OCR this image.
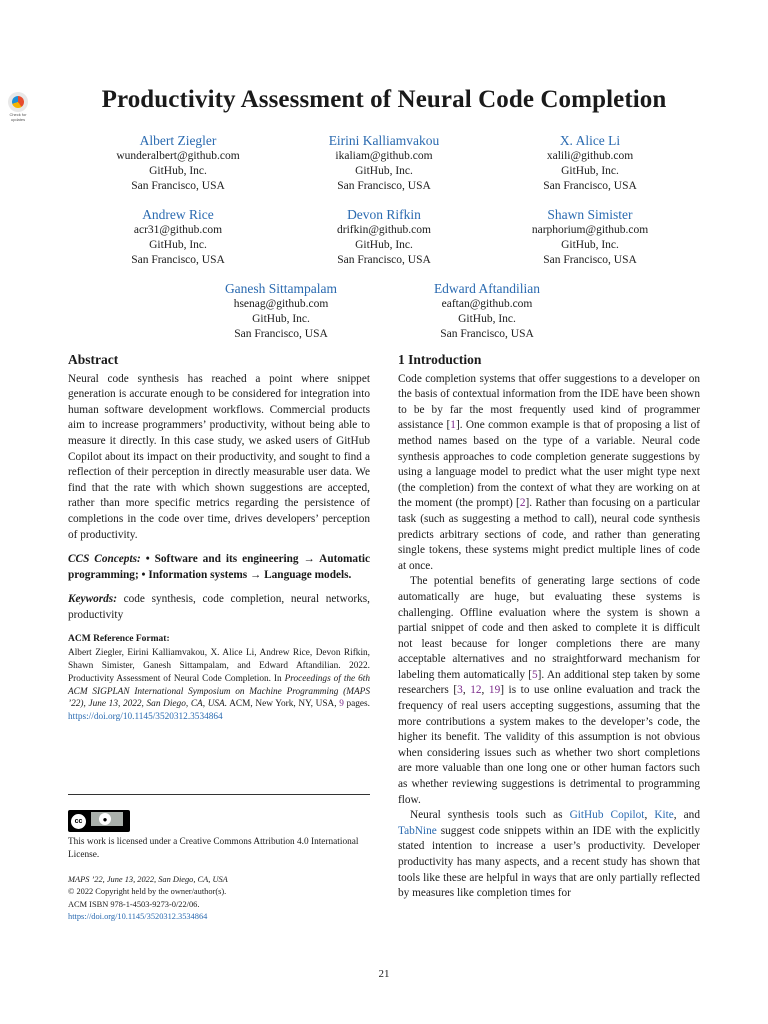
Check for updates
Productivity Assessment of Neural Code Completion
Albert Ziegler
wunderalbert@github.com
GitHub, Inc.
San Francisco, USA
Eirini Kalliamvakou
ikaliam@github.com
GitHub, Inc.
San Francisco, USA
X. Alice Li
xalili@github.com
GitHub, Inc.
San Francisco, USA
Andrew Rice
acr31@github.com
GitHub, Inc.
San Francisco, USA
Devon Rifkin
drifkin@github.com
GitHub, Inc.
San Francisco, USA
Shawn Simister
narphorium@github.com
GitHub, Inc.
San Francisco, USA
Ganesh Sittampalam
hsenag@github.com
GitHub, Inc.
San Francisco, USA
Edward Aftandilian
eaftan@github.com
GitHub, Inc.
San Francisco, USA
Abstract

Neural code synthesis has reached a point where snippet generation is accurate enough to be considered for integration into human software development workflows. Commercial products aim to increase programmers’ productivity, without being able to measure it directly. In this case study, we asked users of GitHub Copilot about its impact on their productivity, and sought to find a reflection of their perception in directly measurable user data. We find that the rate with which shown suggestions are accepted, rather than more specific metrics regarding the persistence of completions in the code over time, drives developers’ perception of productivity.

CCS Concepts: • Software and its engineering → Automatic programming; • Information systems → Language models.

Keywords: code synthesis, code completion, neural networks, productivity

ACM Reference Format:
Albert Ziegler, Eirini Kalliamvakou, X. Alice Li, Andrew Rice, Devon Rifkin, Shawn Simister, Ganesh Sittampalam, and Edward Aftandilian. 2022. Productivity Assessment of Neural Code Completion. In Proceedings of the 6th ACM SIGPLAN International Symposium on Machine Programming (MAPS ’22), June 13, 2022, San Diego, CA, USA. ACM, New York, NY, USA, 9 pages. https://doi.org/10.1145/3520312.3534864
cc	●
This work is licensed under a Creative Commons Attribution 4.0 International License.
MAPS ’22, June 13, 2022, San Diego, CA, USA
© 2022 Copyright held by the owner/author(s).
ACM ISBN 978-1-4503-9273-0/22/06.
https://doi.org/10.1145/3520312.3534864
1 Introduction

Code completion systems that offer suggestions to a developer on the basis of contextual information from the IDE have been shown to be by far the most frequently used kind of programmer assistance [1]. One common example is that of proposing a list of method names based on the type of a variable. Neural code synthesis approaches to code completion generate suggestions by using a language model to predict what the user might type next (the completion) from the context of what they are working on at the moment (the prompt) [2]. Rather than focusing on a particular task (such as suggesting a method to call), neural code synthesis predicts arbitrary sections of code, and rather than generating single tokens, these systems might predict multiple lines of code at once.

The potential benefits of generating large sections of code automatically are huge, but evaluating these systems is challenging. Offline evaluation where the system is shown a partial snippet of code and then asked to complete it is difficult not least because for longer completions there are many acceptable alternatives and no straightforward mechanism for labeling them automatically [5]. An additional step taken by some researchers [3, 12, 19] is to use online evaluation and track the frequency of real users accepting suggestions, assuming that the more contributions a system makes to the developer’s code, the higher its benefit. The validity of this assumption is not obvious when considering issues such as whether two short completions are more valuable than one long one or other human factors such as whether reviewing suggestions is detrimental to programming flow.

Neural synthesis tools such as GitHub Copilot, Kite, and TabNine suggest code snippets within an IDE with the explicitly stated intention to increase a user’s productivity. Developer productivity has many aspects, and a recent study has shown that tools like these are helpful in ways that are only partially reflected by measures like completion times for

21
